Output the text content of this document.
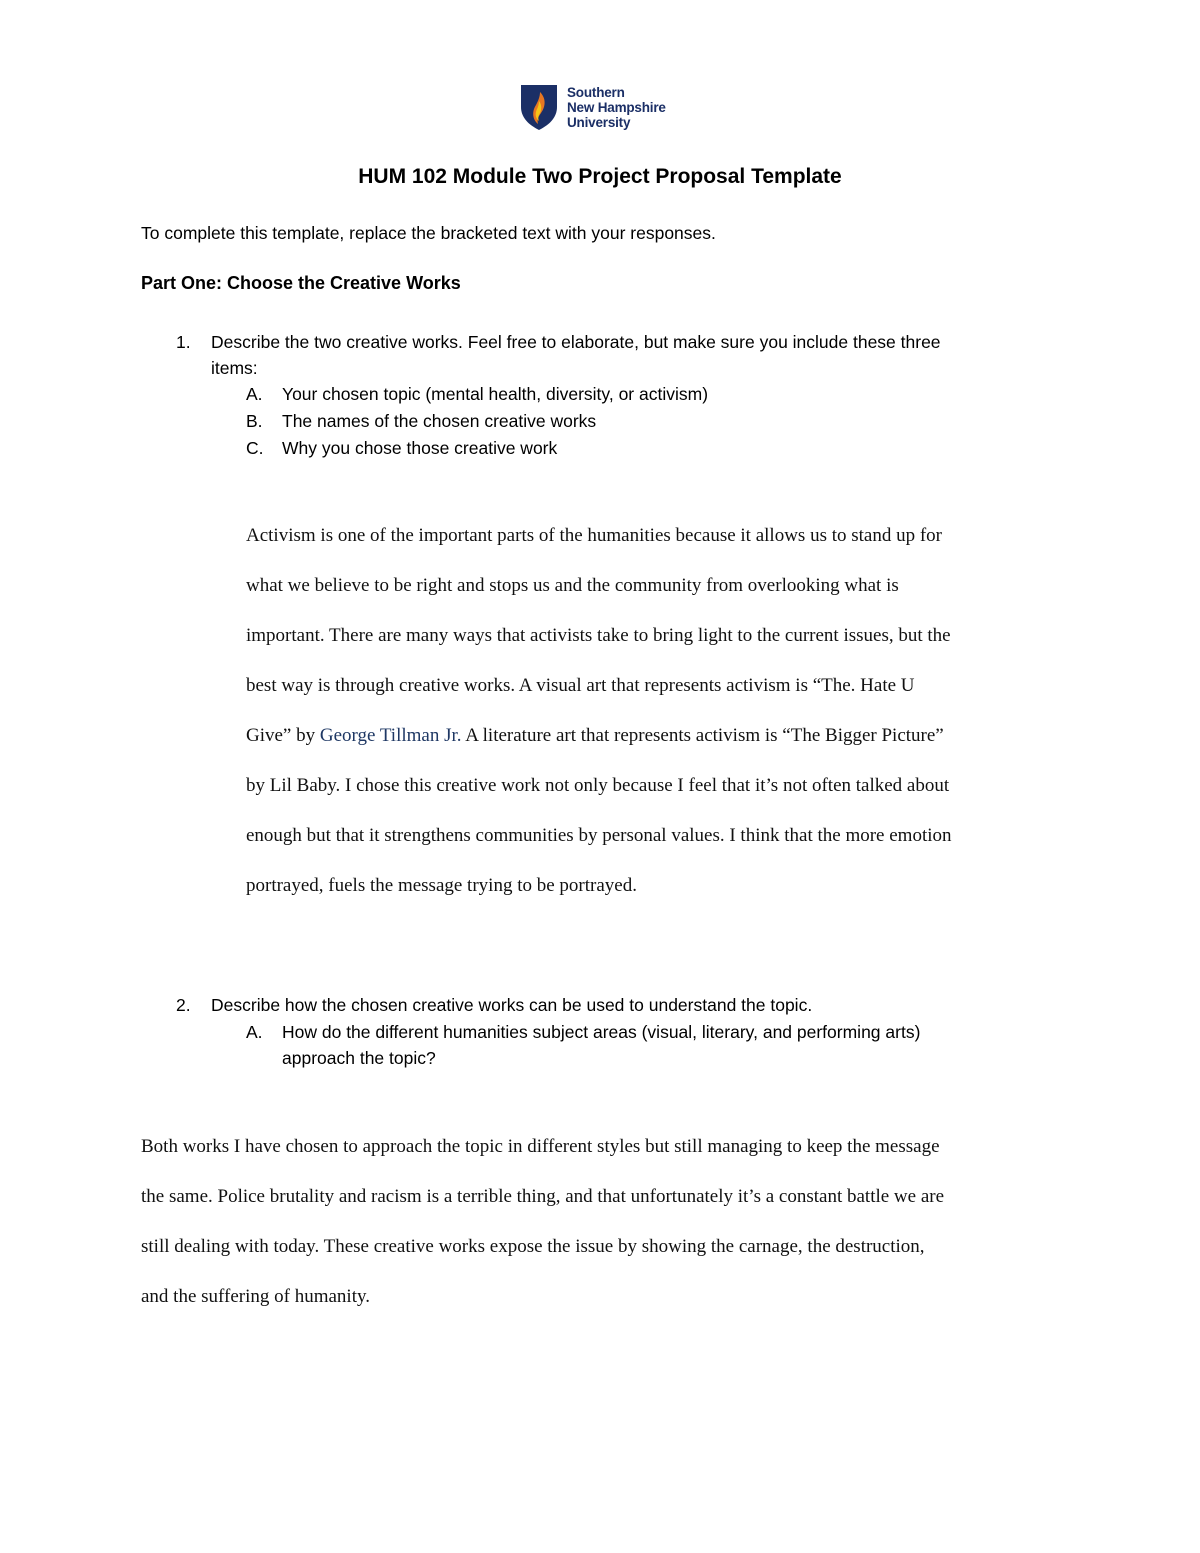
Southern
New Hampshire
University
HUM 102 Module Two Project Proposal Template
To complete this template, replace the bracketed text with your responses.
Part One: Choose the Creative Works
1. Describe the two creative works. Feel free to elaborate, but make sure you include these three
items:
A. Your chosen topic (mental health, diversity, or activism)
B. The names of the chosen creative works
C. Why you chose those creative work
Activism is one of the important parts of the humanities because it allows us to stand up for
what we believe to be right and stops us and the community from overlooking what is
important. There are many ways that activists take to bring light to the current issues, but the
best way is through creative works. A visual art that represents activism is “The. Hate U
Give” by George Tillman Jr. A literature art that represents activism is “The Bigger Picture”
by Lil Baby. I chose this creative work not only because I feel that it’s not often talked about
enough but that it strengthens communities by personal values. I think that the more emotion
portrayed, fuels the message trying to be portrayed.
2. Describe how the chosen creative works can be used to understand the topic.
A. How do the different humanities subject areas (visual, literary, and performing arts)
approach the topic?
Both works I have chosen to approach the topic in different styles but still managing to keep the message
the same. Police brutality and racism is a terrible thing, and that unfortunately it’s a constant battle we are
still dealing with today. These creative works expose the issue by showing the carnage, the destruction,
and the suffering of humanity.
